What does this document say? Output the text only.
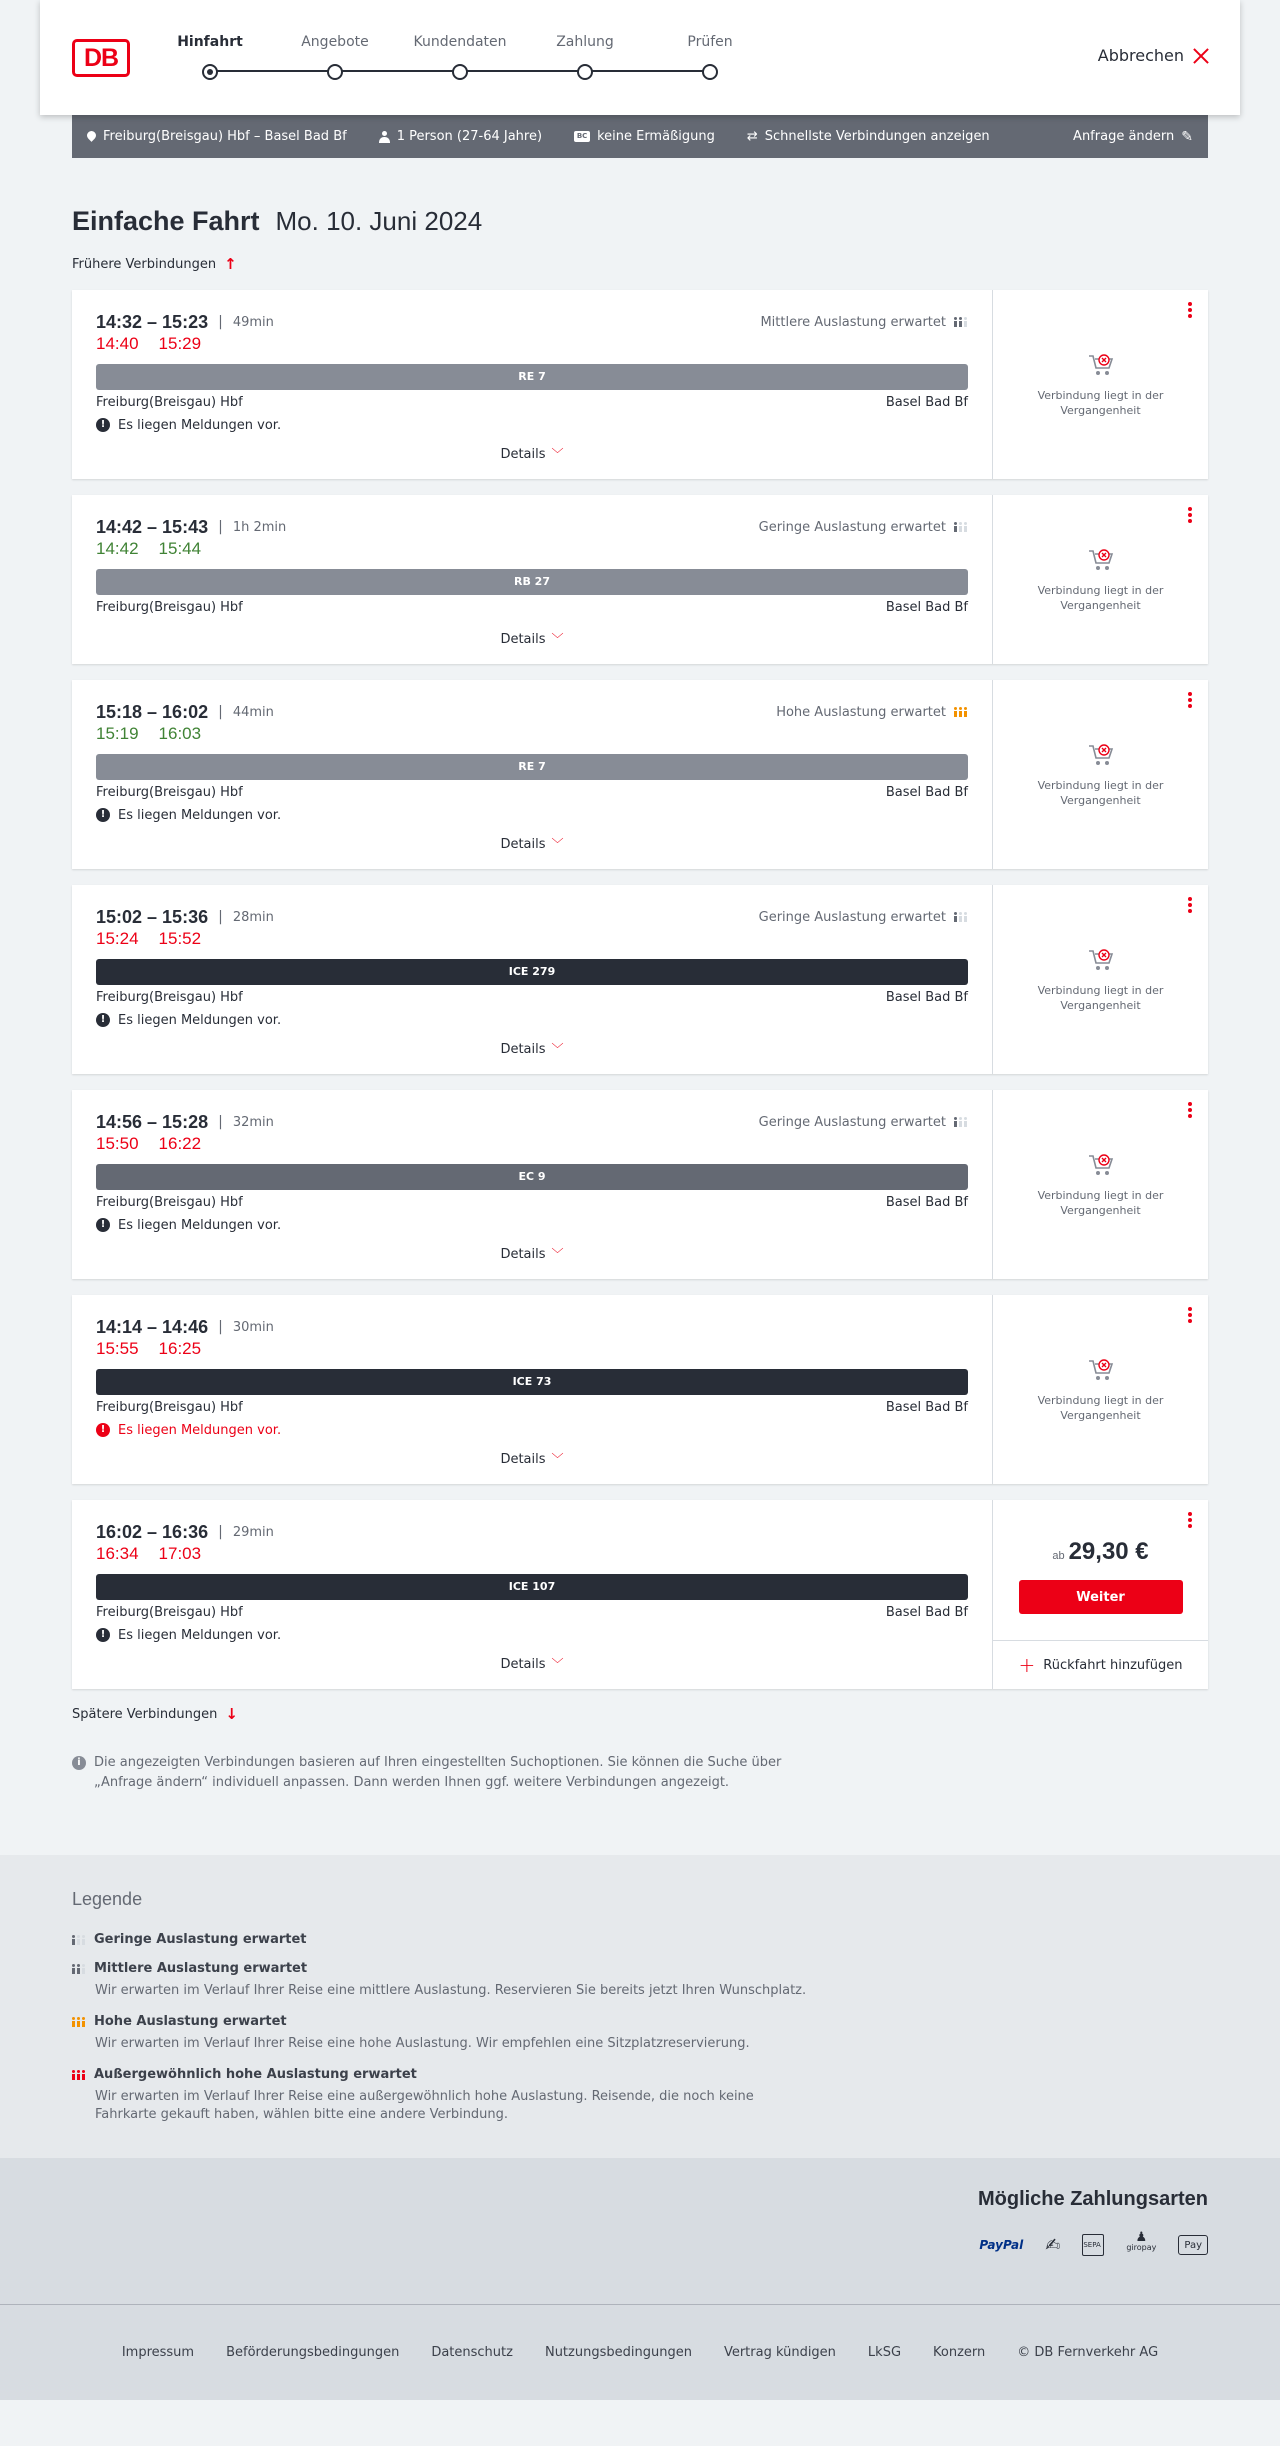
DB
Hinfahrt	Angebote	Kundendaten	Zahlung	Prüfen
Abbrechen
Freiburg(Breisgau) Hbf – Basel Bad Bf	1 Person (27-64 Jahre)	BC keine Ermäßigung ⇄ Schnellste Verbindungen anzeigen	Anfrage ändern ✎
Einfache Fahrt Mo. 10. Juni 2024
Frühere Verbindungen ↑
14:32 – 15:23 | 49min	Mittlere Auslastung erwartet
14:40 15:29
RE 7
Freiburg(Breisgau) Hbf	Basel Bad Bf
! Es liegen Meldungen vor.
Details ﹀
Verbindung liegt in der Vergangenheit
14:42 – 15:43 | 1h 2min	Geringe Auslastung erwartet
14:42 15:44
RB 27
Freiburg(Breisgau) Hbf	Basel Bad Bf
Details ﹀
Verbindung liegt in der Vergangenheit
15:18 – 16:02 | 44min	Hohe Auslastung erwartet
15:19 16:03
RE 7
Freiburg(Breisgau) Hbf	Basel Bad Bf
! Es liegen Meldungen vor.
Details ﹀
Verbindung liegt in der Vergangenheit
15:02 – 15:36 | 28min	Geringe Auslastung erwartet
15:24 15:52
ICE 279
Freiburg(Breisgau) Hbf	Basel Bad Bf
! Es liegen Meldungen vor.
Details ﹀
Verbindung liegt in der Vergangenheit
14:56 – 15:28 | 32min	Geringe Auslastung erwartet
15:50 16:22
EC 9
Freiburg(Breisgau) Hbf	Basel Bad Bf
! Es liegen Meldungen vor.
Details ﹀
Verbindung liegt in der Vergangenheit
14:14 – 14:46 | 30min
15:55 16:25
ICE 73
Freiburg(Breisgau) Hbf	Basel Bad Bf
! Es liegen Meldungen vor.
Details ﹀
Verbindung liegt in der Vergangenheit
16:02 – 16:36 | 29min
16:34 17:03
ICE 107
Freiburg(Breisgau) Hbf	Basel Bad Bf
! Es liegen Meldungen vor.
Details ﹀
ab 29,30 €
Weiter
+ Rückfahrt hinzufügen
Spätere Verbindungen ↓
i	Die angezeigten Verbindungen basieren auf Ihren eingestellten Suchoptionen. Sie können die Suche über „Anfrage ändern“ individuell anpassen. Dann werden Ihnen ggf. weitere Verbindungen angezeigt.
Legende
Geringe Auslastung erwartet
Mittlere Auslastung erwartet
Wir erwarten im Verlauf Ihrer Reise eine mittlere Auslastung. Reservieren Sie bereits jetzt Ihren Wunschplatz.
Hohe Auslastung erwartet
Wir erwarten im Verlauf Ihrer Reise eine hohe Auslastung. Wir empfehlen eine Sitzplatzreservierung.
Außergewöhnlich hohe Auslastung erwartet
Wir erwarten im Verlauf Ihrer Reise eine außergewöhnlich hohe Auslastung. Reisende, die noch keine Fahrkarte gekauft haben, wählen bitte eine andere Verbindung.
Mögliche Zahlungsarten
PayPal ✍	SEPA	♟
giropay	Pay
Impressum Beförderungsbedingungen Datenschutz Nutzungsbedingungen Vertrag kündigen LkSG Konzern © DB Fernverkehr AG
